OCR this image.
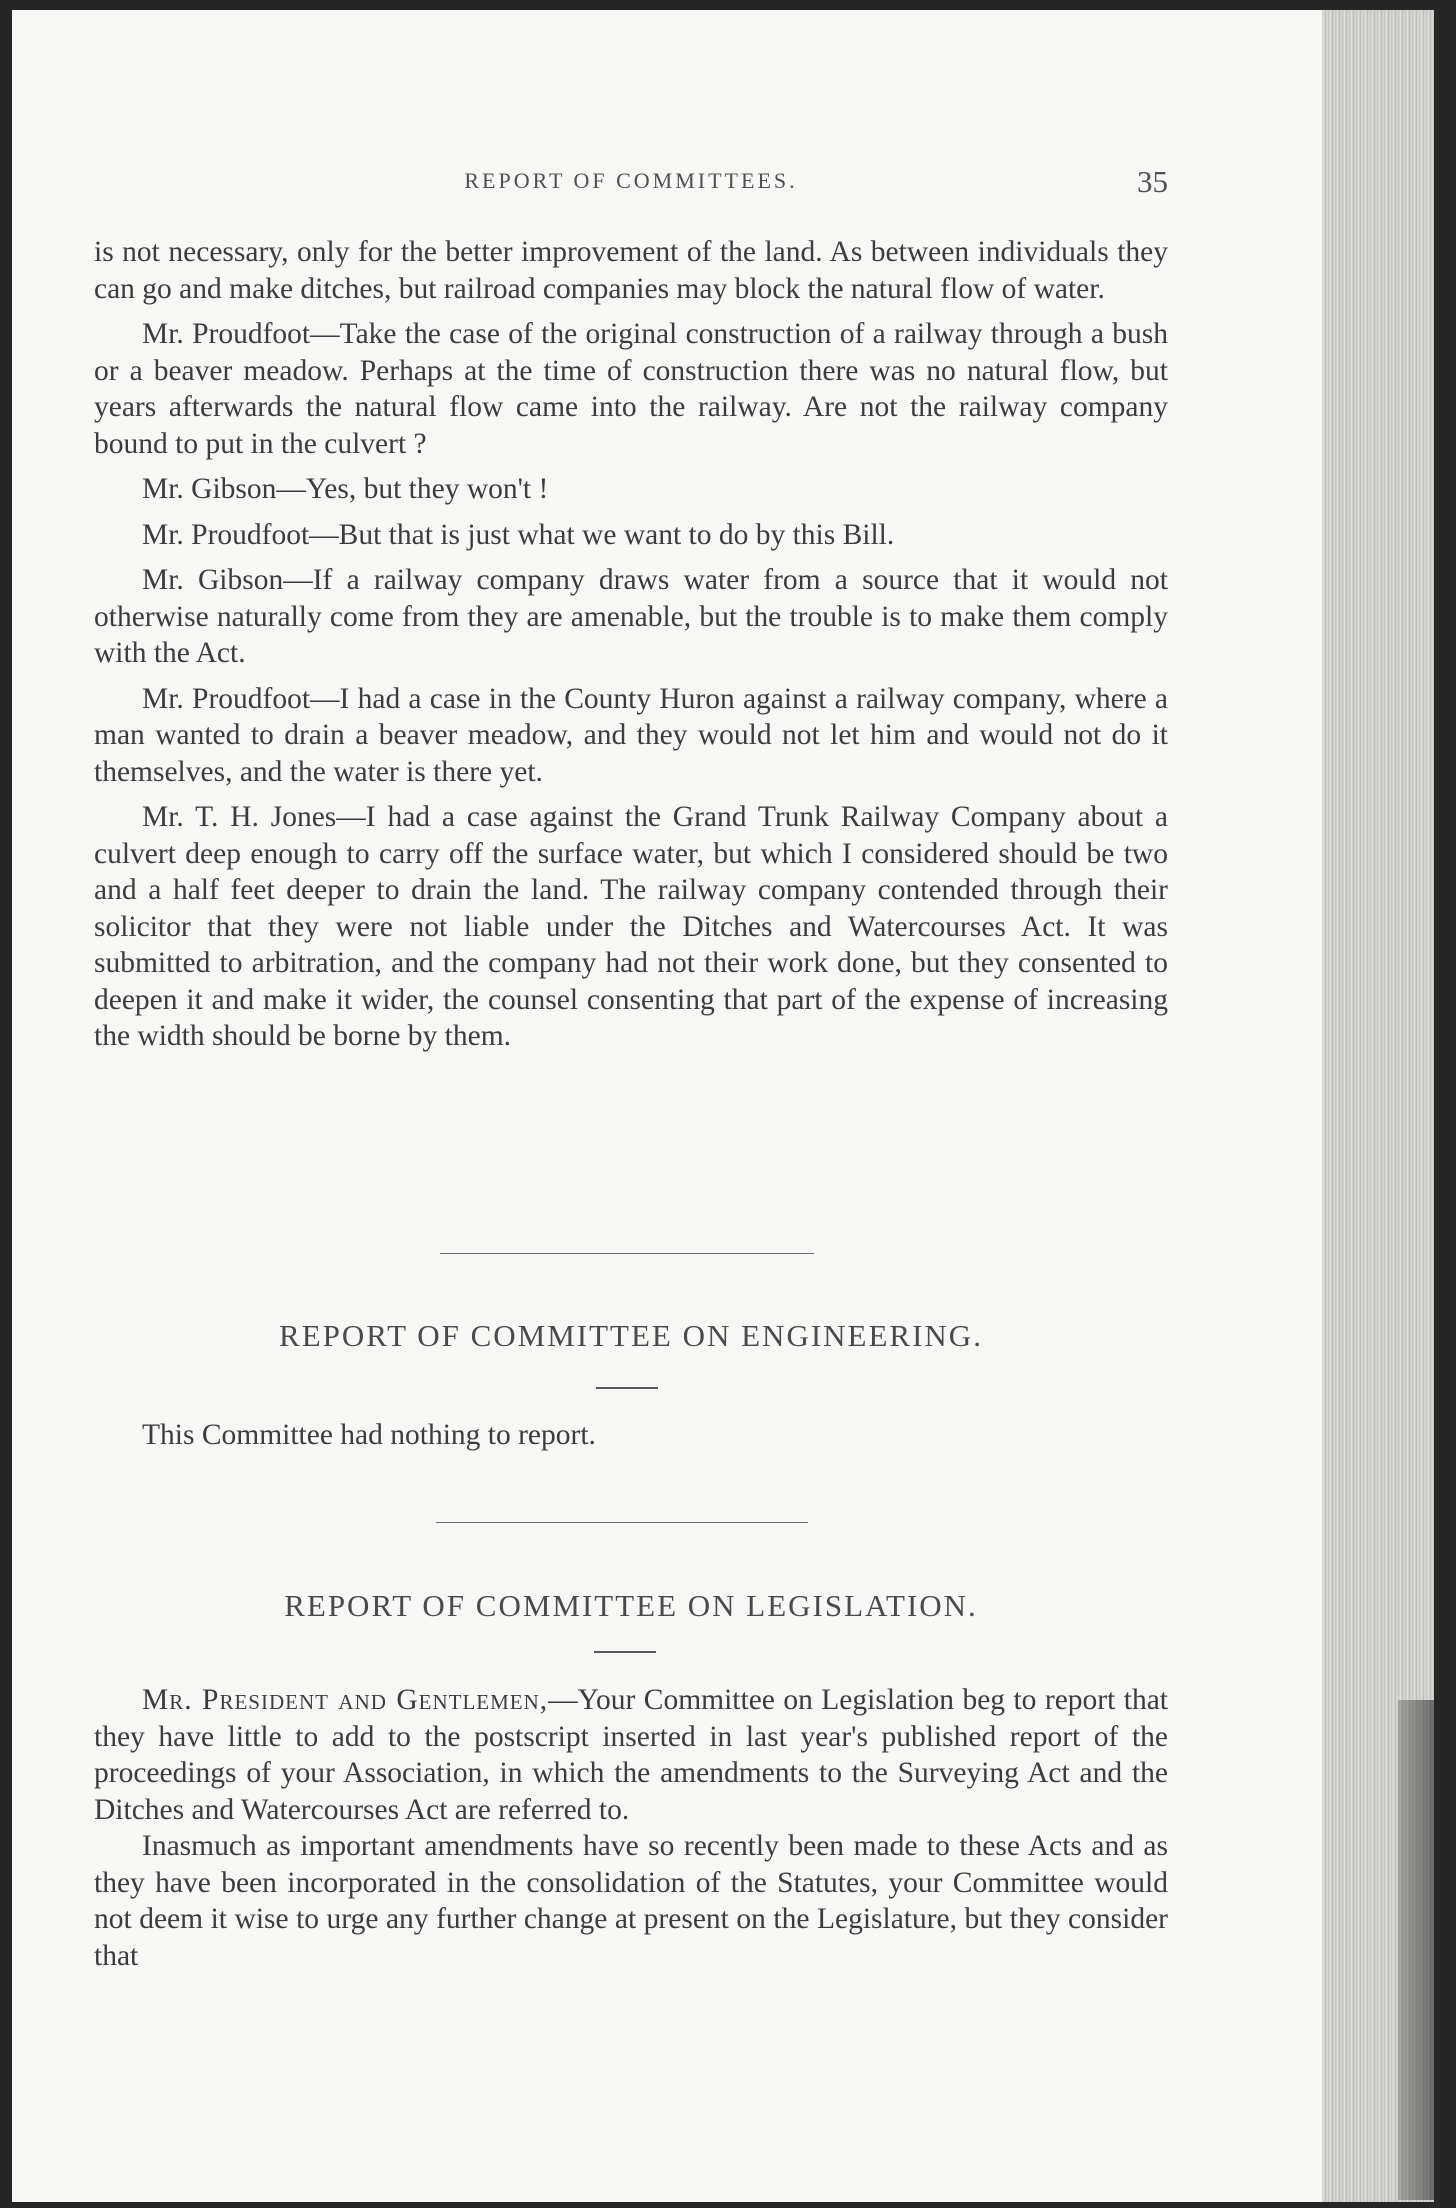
REPORT OF COMMITTEES.	35

is not necessary, only for the better improvement of the land. As between individuals they can go and make ditches, but railroad companies may block the natural flow of water.

Mr. Proudfoot—Take the case of the original construction of a railway through a bush or a beaver meadow. Perhaps at the time of construction there was no natural flow, but years afterwards the natural flow came into the railway. Are not the railway company bound to put in the culvert ?

Mr. Gibson—Yes, but they won't !

Mr. Proudfoot—But that is just what we want to do by this Bill.

Mr. Gibson—If a railway company draws water from a source that it would not otherwise naturally come from they are amenable, but the trouble is to make them comply with the Act.

Mr. Proudfoot—I had a case in the County Huron against a railway company, where a man wanted to drain a beaver meadow, and they would not let him and would not do it themselves, and the water is there yet.

Mr. T. H. Jones—I had a case against the Grand Trunk Railway Company about a culvert deep enough to carry off the surface water, but which I considered should be two and a half feet deeper to drain the land. The railway company contended through their solicitor that they were not liable under the Ditches and Watercourses Act. It was submitted to arbitration, and the company had not their work done, but they consented to deepen it and make it wider, the counsel consenting that part of the expense of increasing the width should be borne by them.

REPORT OF COMMITTEE ON ENGINEERING.

This Committee had nothing to report.

REPORT OF COMMITTEE ON LEGISLATION.

Mr. President and Gentlemen,—Your Committee on Legislation beg to report that they have little to add to the postscript inserted in last year's published report of the proceedings of your Association, in which the amendments to the Surveying Act and the Ditches and Watercourses Act are referred to.

Inasmuch as important amendments have so recently been made to these Acts and as they have been incorporated in the consolidation of the Statutes, your Committee would not deem it wise to urge any further change at present on the Legislature, but they consider that
